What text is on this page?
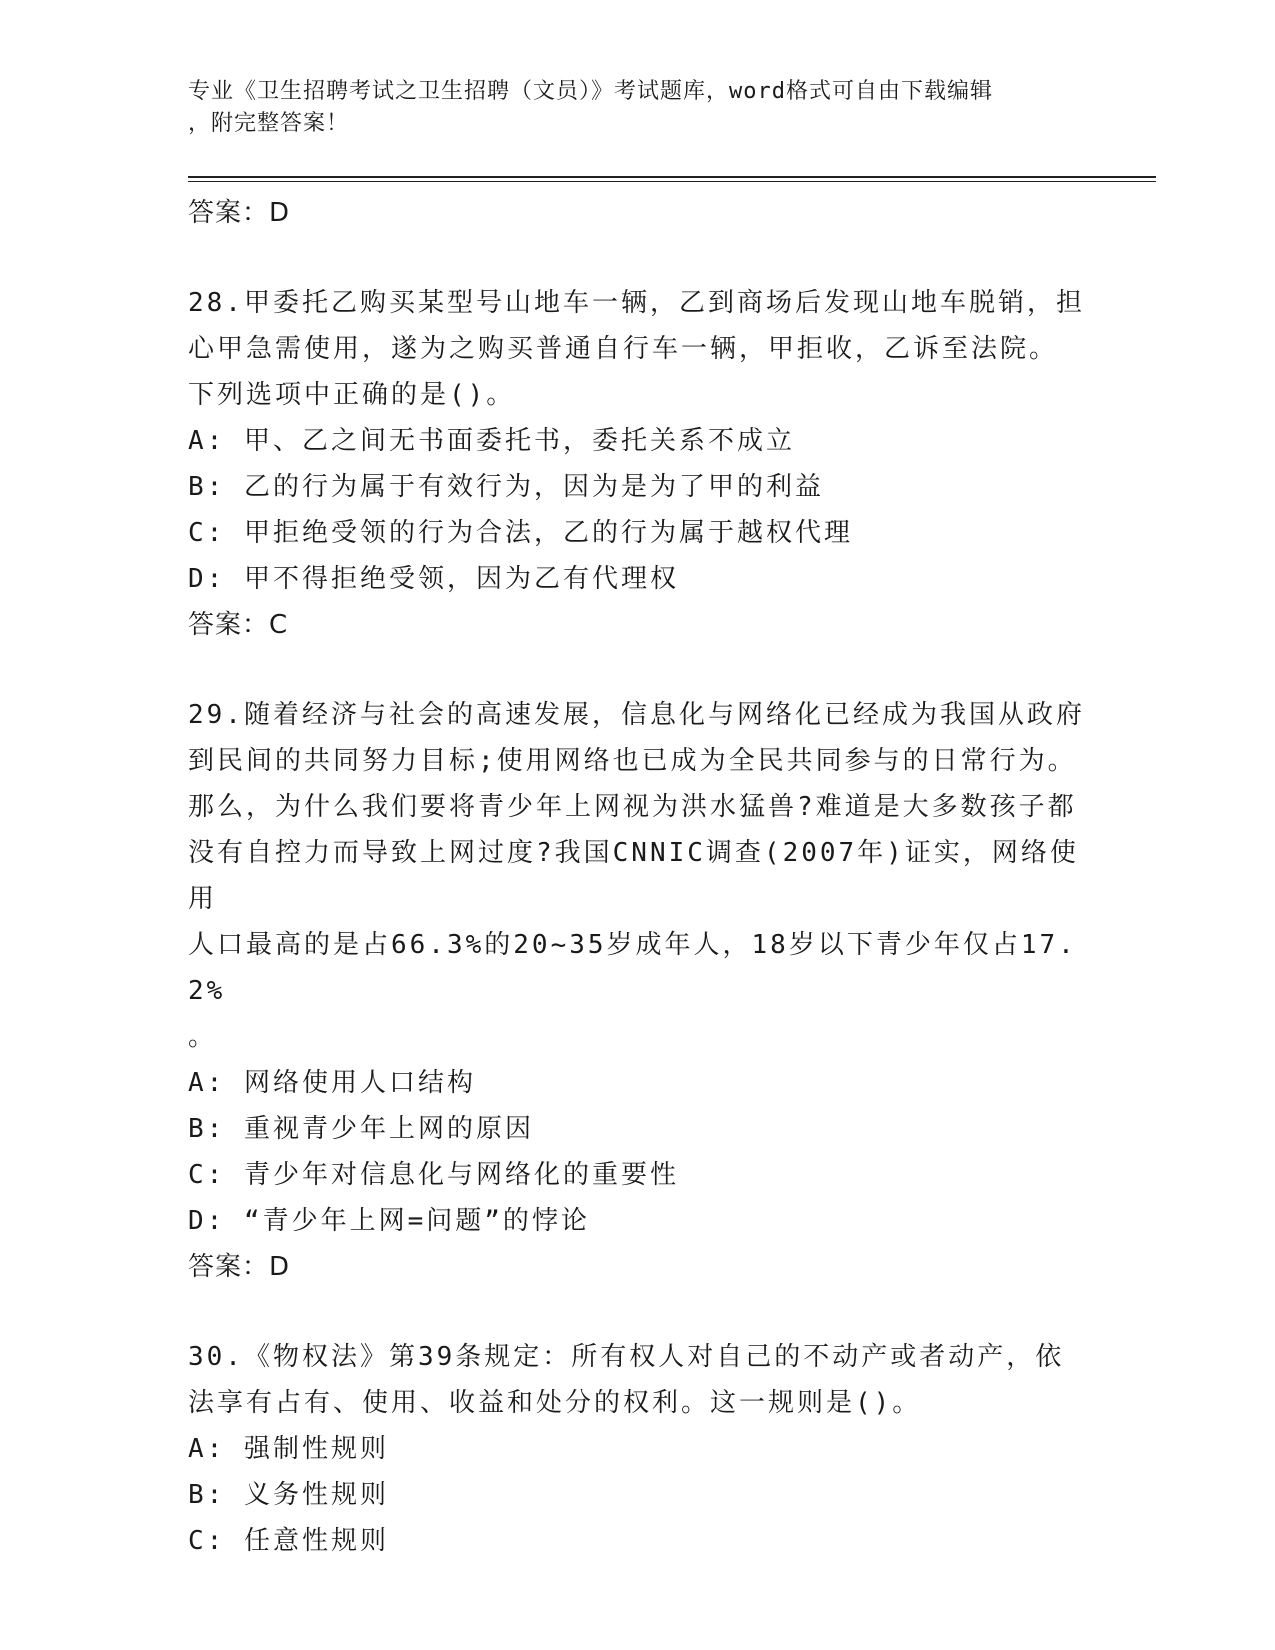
专业《卫生招聘考试之卫生招聘（文员）》考试题库，word格式可自由下载编辑
，附完整答案！
答案：D
28.甲委托乙购买某型号山地车一辆，乙到商场后发现山地车脱销，担
心甲急需使用，遂为之购买普通自行车一辆，甲拒收，乙诉至法院。
下列选项中正确的是()。
A: 甲、乙之间无书面委托书，委托关系不成立
B: 乙的行为属于有效行为，因为是为了甲的利益
C: 甲拒绝受领的行为合法，乙的行为属于越权代理
D: 甲不得拒绝受领，因为乙有代理权
答案：C
29.随着经济与社会的高速发展，信息化与网络化已经成为我国从政府
到民间的共同努力目标;使用网络也已成为全民共同参与的日常行为。
那么，为什么我们要将青少年上网视为洪水猛兽?难道是大多数孩子都
没有自控力而导致上网过度?我国CNNIC调查(2007年)证实，网络使用
人口最高的是占66.3%的20~35岁成年人，18岁以下青少年仅占17.2%
。
A: 网络使用人口结构
B: 重视青少年上网的原因
C: 青少年对信息化与网络化的重要性
D: “青少年上网=问题”的悖论
答案：D
30.《物权法》第39条规定：所有权人对自己的不动产或者动产，依
法享有占有、使用、收益和处分的权利。这一规则是()。
A: 强制性规则
B: 义务性规则
C: 任意性规则
